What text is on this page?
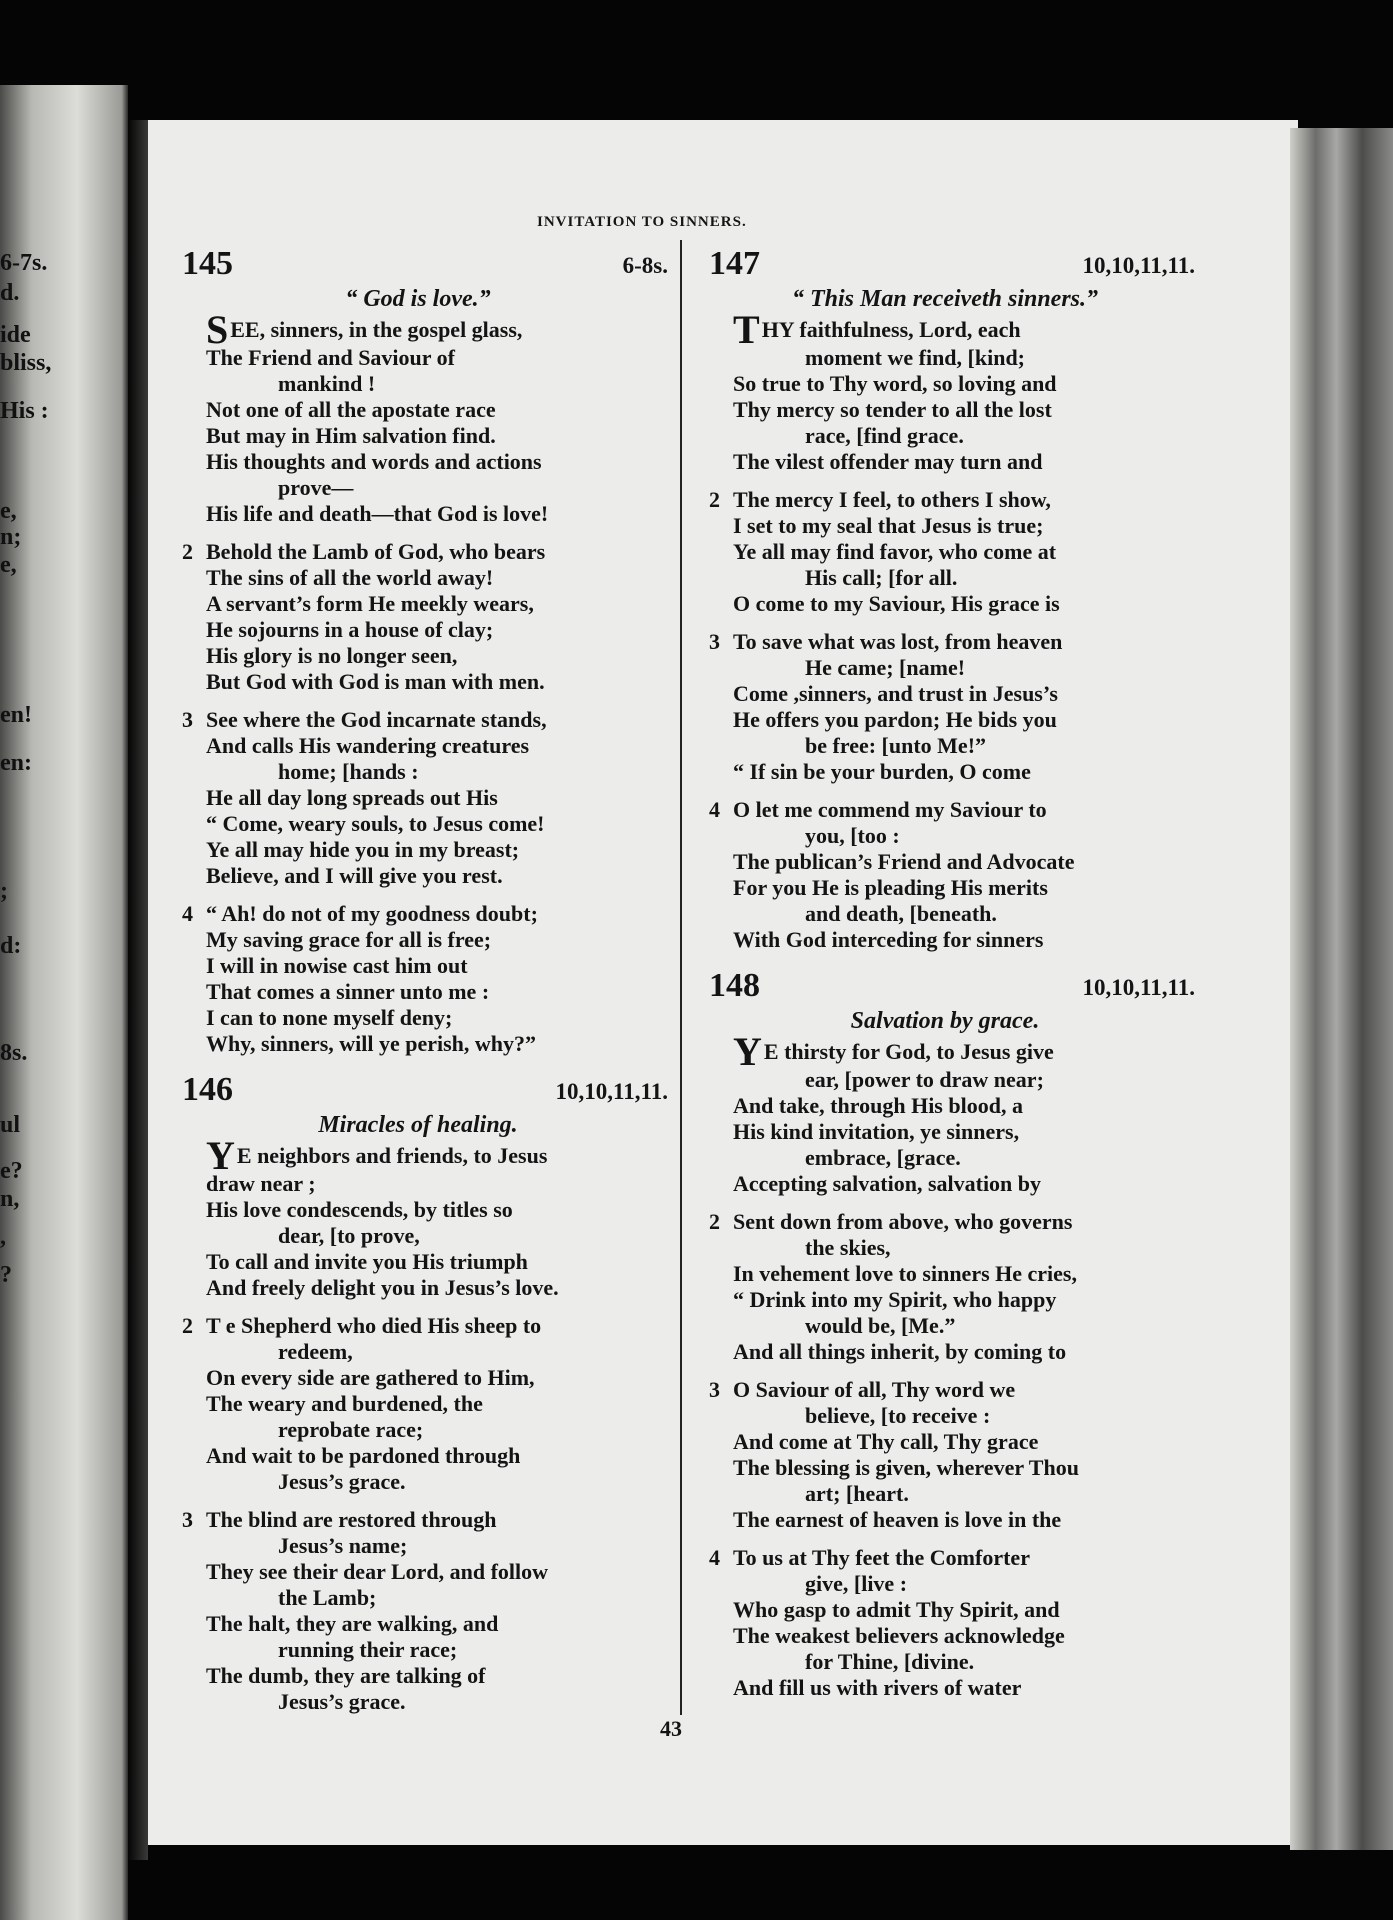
6-7s.
d.
ide
bliss,
His :
e,
n;
e,
en!
en:
;
d:
8s.
ul
e?
n,
,
?
INVITATION TO SINNERS.
145	6-8s.
“ God is love.”
SEE, sinners, in the gospel glass,
The Friend and Saviour of
mankind !
Not one of all the apostate race
But may in Him salvation find.
His thoughts and words and actions
prove—
His life and death—that God is love!
2 Behold the Lamb of God, who bears
The sins of all the world away!
A servant’s form He meekly wears,
He sojourns in a house of clay;
His glory is no longer seen,
But God with God is man with men.
3 See where the God incarnate stands,
And calls His wandering creatures
home; [hands :
He all day long spreads out His
“ Come, weary souls, to Jesus come!
Ye all may hide you in my breast;
Believe, and I will give you rest.
4 “ Ah! do not of my goodness doubt;
My saving grace for all is free;
I will in nowise cast him out
That comes a sinner unto me :
I can to none myself deny;
Why, sinners, will ye perish, why?”
146	10,10,11,11.
Miracles of healing.
YE neighbors and friends, to Jesus
draw near ;
His love condescends, by titles so
dear, [to prove,
To call and invite you His triumph
And freely delight you in Jesus’s love.
2 T e Shepherd who died His sheep to
redeem,
On every side are gathered to Him,
The weary and burdened, the
reprobate race;
And wait to be pardoned through
Jesus’s grace.
3 The blind are restored through
Jesus’s name;
They see their dear Lord, and follow
the Lamb;
The halt, they are walking, and
running their race;
The dumb, they are talking of
Jesus’s grace.
147	10,10,11,11.
“ This Man receiveth sinners.”
THY faithfulness, Lord, each
moment we find, [kind;
So true to Thy word, so loving and
Thy mercy so tender to all the lost
race, [find grace.
The vilest offender may turn and
2 The mercy I feel, to others I show,
I set to my seal that Jesus is true;
Ye all may find favor, who come at
His call; [for all.
O come to my Saviour, His grace is
3 To save what was lost, from heaven
He came; [name!
Come ,sinners, and trust in Jesus’s
He offers you pardon; He bids you
be free: [unto Me!”
“ If sin be your burden, O come
4 O let me commend my Saviour to
you, [too :
The publican’s Friend and Advocate
For you He is pleading His merits
and death, [beneath.
With God interceding for sinners
148	10,10,11,11.
Salvation by grace.
YE thirsty for God, to Jesus give
ear, [power to draw near;
And take, through His blood, a
His kind invitation, ye sinners,
embrace, [grace.
Accepting salvation, salvation by
2 Sent down from above, who governs
the skies,
In vehement love to sinners He cries,
“ Drink into my Spirit, who happy
would be, [Me.”
And all things inherit, by coming to
3 O Saviour of all, Thy word we
believe, [to receive :
And come at Thy call, Thy grace
The blessing is given, wherever Thou
art; [heart.
The earnest of heaven is love in the
4 To us at Thy feet the Comforter
give, [live :
Who gasp to admit Thy Spirit, and
The weakest believers acknowledge
for Thine, [divine.
And fill us with rivers of water
43
